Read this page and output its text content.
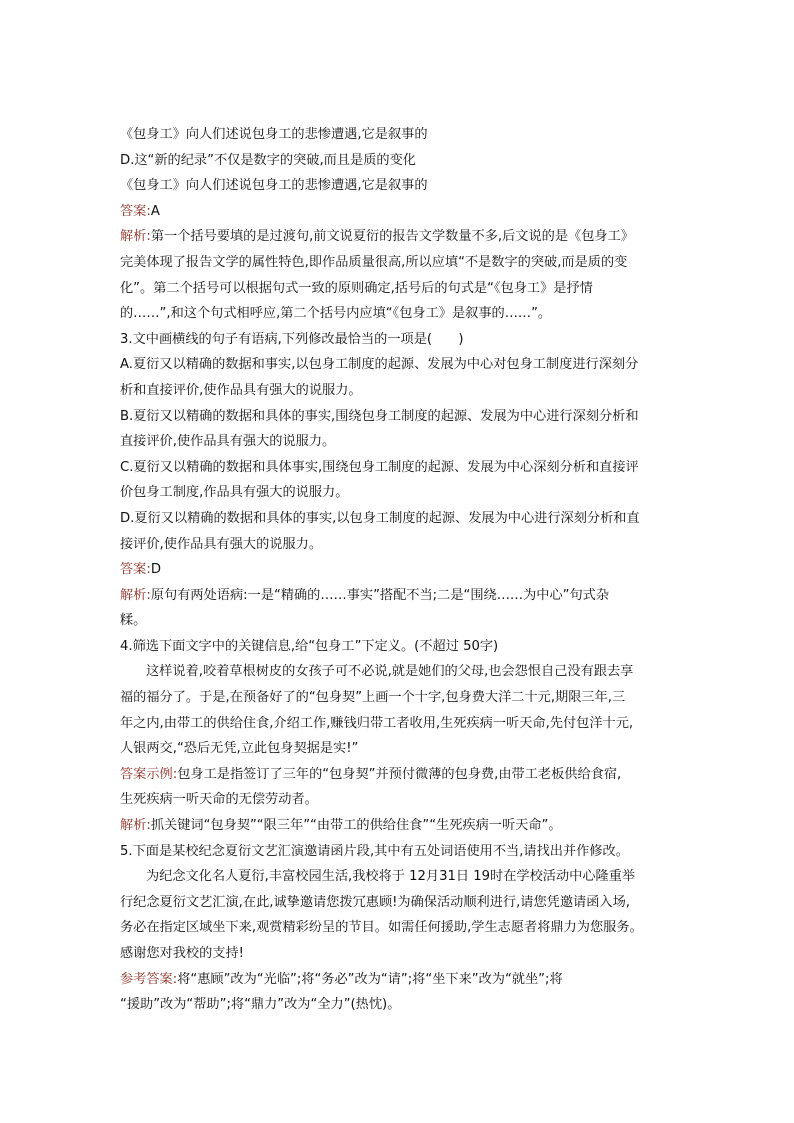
《包身工》向人们述说包身工的悲惨遭遇,它是叙事的

D.这“新的纪录”不仅是数字的突破,而且是质的变化

《包身工》向人们述说包身工的悲惨遭遇,它是叙事的

答案:A

解析:第一个括号要填的是过渡句,前文说夏衍的报告文学数量不多,后文说的是《包身工》

完美体现了报告文学的属性特色,即作品质量很高,所以应填“不是数字的突破,而是质的变

化”。第二个括号可以根据句式一致的原则确定,括号后的句式是“《包身工》是抒情

的……”,和这个句式相呼应,第二个括号内应填“《包身工》是叙事的……”。

3.文中画横线的句子有语病,下列修改最恰当的一项是(　　)

A.夏衍又以精确的数据和事实,以包身工制度的起源、发展为中心对包身工制度进行深刻分

析和直接评价,使作品具有强大的说服力。

B.夏衍又以精确的数据和具体的事实,围绕包身工制度的起源、发展为中心进行深刻分析和

直接评价,使作品具有强大的说服力。

C.夏衍又以精确的数据和具体事实,围绕包身工制度的起源、发展为中心深刻分析和直接评

价包身工制度,作品具有强大的说服力。

D.夏衍又以精确的数据和具体的事实,以包身工制度的起源、发展为中心进行深刻分析和直

接评价,使作品具有强大的说服力。

答案:D

解析:原句有两处语病:一是“精确的……事实”搭配不当;二是“围绕……为中心”句式杂

糅。

4.筛选下面文字中的关键信息,给“包身工”下定义。(不超过 50字)

这样说着,咬着草根树皮的女孩子可不必说,就是她们的父母,也会怨恨自己没有跟去享

福的福分了。于是,在预备好了的“包身契”上画一个十字,包身费大洋二十元,期限三年,三

年之内,由带工的供给住食,介绍工作,赚钱归带工者收用,生死疾病一听天命,先付包洋十元,

人银两交,“恐后无凭,立此包身契据是实!”

答案示例:包身工是指签订了三年的“包身契”并预付微薄的包身费,由带工老板供给食宿,

生死疾病一听天命的无偿劳动者。

解析:抓关键词“包身契”“限三年”“由带工的供给住食”“生死疾病一听天命”。

5.下面是某校纪念夏衍文艺汇演邀请函片段,其中有五处词语使用不当,请找出并作修改。

为纪念文化名人夏衍,丰富校园生活,我校将于 12月31日 19时在学校活动中心隆重举

行纪念夏衍文艺汇演,在此,诚挚邀请您拨冗惠顾!为确保活动顺利进行,请您凭邀请函入场,

务必在指定区域坐下来,观赏精彩纷呈的节目。如需任何援助,学生志愿者将鼎力为您服务。

感谢您对我校的支持!

参考答案:将“惠顾”改为“光临”;将“务必”改为“请”;将“坐下来”改为“就坐”;将

“援助”改为“帮助”;将“鼎力”改为“全力”(热忱)。
